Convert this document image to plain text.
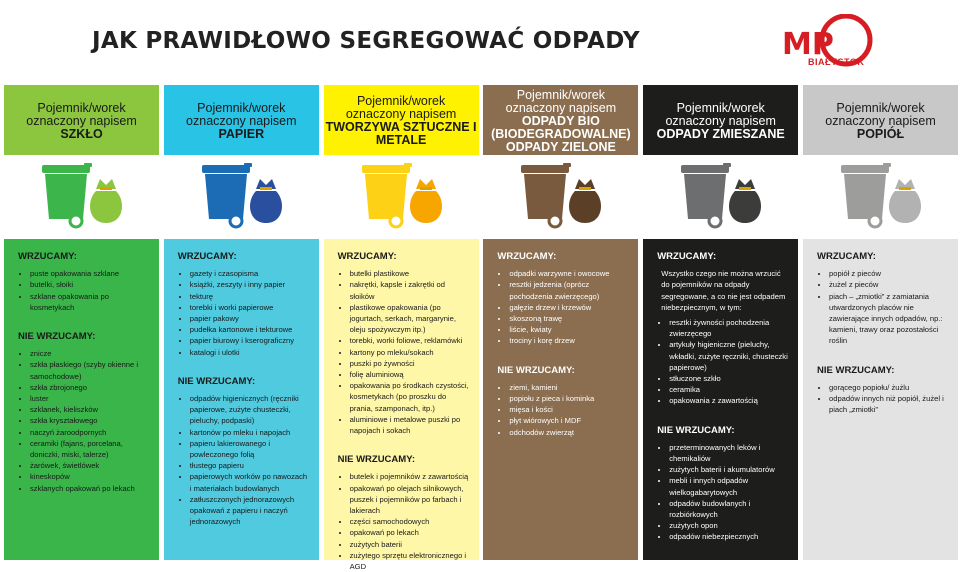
JAK PRAWIDŁOWO SEGREGOWAĆ ODPADY	MP
BIAŁYSTOK
Pojemnik/worek
oznaczony napisem
SZKŁO
WRZUCAMY:
• puste opakowania szklane
• butelki, słoiki
• szklane opakowania po kosmetykach
NIE WRZUCAMY:
• znicze
• szkła płaskiego (szyby okienne i samochodowe)
• szkła zbrojonego
• luster
• szklanek, kieliszków
• szkła kryształowego
• naczyń żaroodpornych
• ceramiki (fajans, porcelana, doniczki, miski, talerze)
• żarówek, świetlówek
• kineskopów
• szklanych opakowań po lekach
Pojemnik/worek
oznaczony napisem
PAPIER
WRZUCAMY:
• gazety i czasopisma
• książki, zeszyty i inny papier
• tekturę
• torebki i worki papierowe
• papier pakowy
• pudełka kartonowe i tekturowe
• papier biurowy i kserograficzny
• katalogi i ulotki
NIE WRZUCAMY:
• odpadów higienicznych (ręczniki papierowe, zużyte chusteczki, pieluchy, podpaski)
• kartonów po mleku i napojach
• papieru lakierowanego i powleczonego folią
• tłustego papieru
• papierowych worków po nawozach i materiałach budowlanych
• zatłuszczonych jednorazowych opakowań z papieru i naczyń jednorazowych
Pojemnik/worek
oznaczony napisem
TWORZYWA SZTUCZNE I METALE
WRZUCAMY:
• butelki plastikowe
• nakrętki, kapsle i zakrętki od słoików
• plastikowe opakowania (po jogurtach, serkach, margarynie, oleju spożywczym itp.)
• torebki, worki foliowe, reklamówki
• kartony po mleku/sokach
• puszki po żywności
• folię aluminiową
• opakowania po środkach czystości, kosmetykach (po proszku do prania, szamponach, itp.)
• aluminiowe i metalowe puszki po napojach i sokach
NIE WRZUCAMY:
• butelek i pojemników z zawartością
• opakowań po olejach silnikowych, puszek i pojemników po farbach i lakierach
• części samochodowych
• opakowań po lekach
• zużytych baterii
• zużytego sprzętu elektronicznego i AGD
Pojemnik/worek
oznaczony napisem
ODPADY BIO (BIODEGRADOWALNE) ODPADY ZIELONE
WRZUCAMY:
• odpadki warzywne i owocowe
• resztki jedzenia (oprócz pochodzenia zwierzęcego)
• gałęzie drzew i krzewów
• skoszoną trawę
• liście, kwiaty
• trociny i korę drzew
NIE WRZUCAMY:
• ziemi, kamieni
• popiołu z pieca i kominka
• mięsa i kości
• płyt wiórowych i MDF
• odchodów zwierząt
Pojemnik/worek
oznaczony napisem
ODPADY ZMIESZANE
WRZUCAMY:

Wszystko czego nie można wrzucić do pojemników na odpady segregowane, a co nie jest odpadem niebezpiecznym, w tym:

• resztki żywności pochodzenia zwierzęcego
• artykuły higieniczne (pieluchy, wkładki, zużyte ręczniki, chusteczki papierowe)
• stłuczone szkło
• ceramika
• opakowania z zawartością
NIE WRZUCAMY:
• przeterminowanych leków i chemikaliów
• zużytych baterii i akumulatorów
• mebli i innych odpadów wielkogabarytowych
• odpadów budowlanych i rozbiórkowych
• zużytych opon
• odpadów niebezpiecznych
Pojemnik/worek
oznaczony napisem
POPIÓŁ
WRZUCAMY:
• popiół z pieców
• żużel z pieców
• piach – „zmiotki” z zamiatania utwardzonych placów nie zawierające innych odpadów, np.: kamieni, trawy oraz pozostałości roślin
NIE WRZUCAMY:
• gorącego popiołu/ żużlu
• odpadów innych niż popiół, żużel i piach „zmiotki”
